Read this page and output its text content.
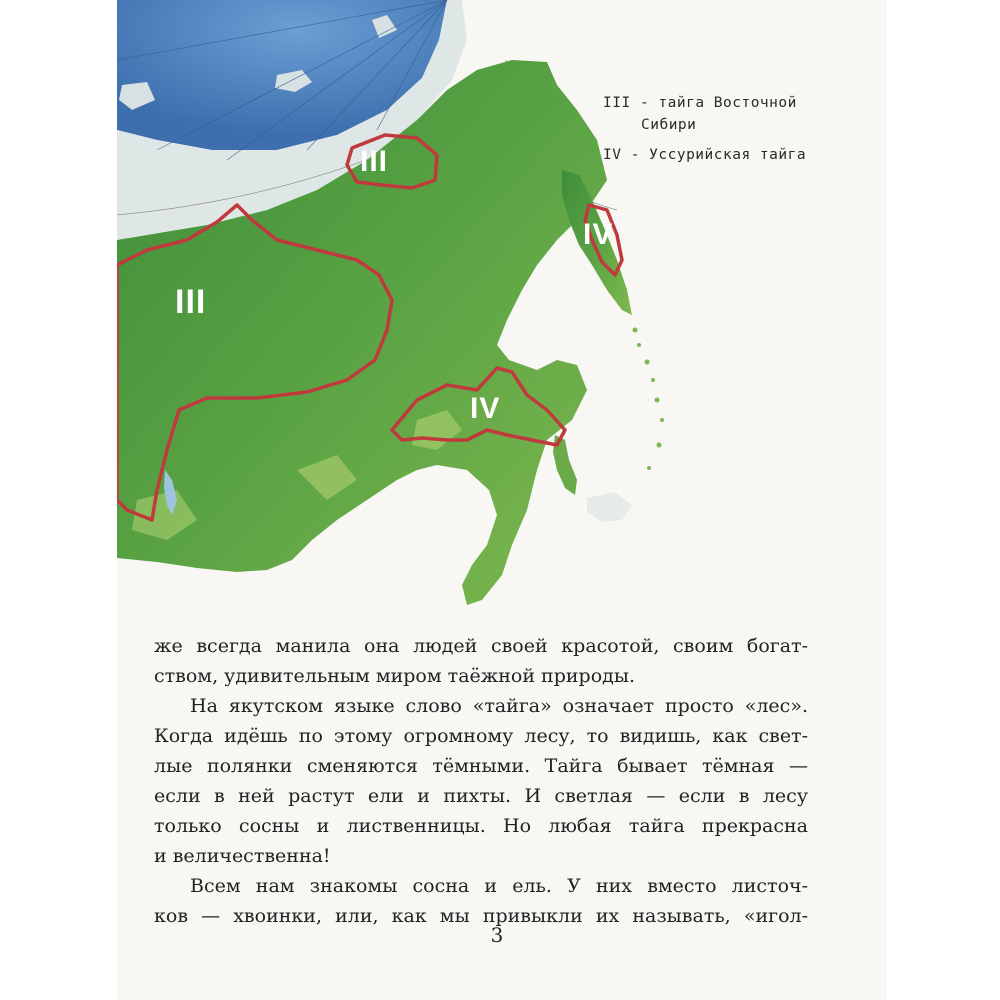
III
III
IV
IV
III - тайга Восточной
Сибири
IV - Уссурийская тайга
же всегда манила она людей своей красотой, своим богат-
ством, удивительным миром таёжной природы.
На якутском языке слово «тайга» означает просто «лес».
Когда идёшь по этому огромному лесу, то видишь, как свет-
лые полянки сменяются тёмными. Тайга бывает тёмная —
если в ней растут ели и пихты. И светлая — если в лесу
только сосны и лиственницы. Но любая тайга прекрасна
и величественна!
Всем нам знакомы сосна и ель. У них вместо листоч-
ков — хвоинки, или, как мы привыкли их называть, «игол-
3
